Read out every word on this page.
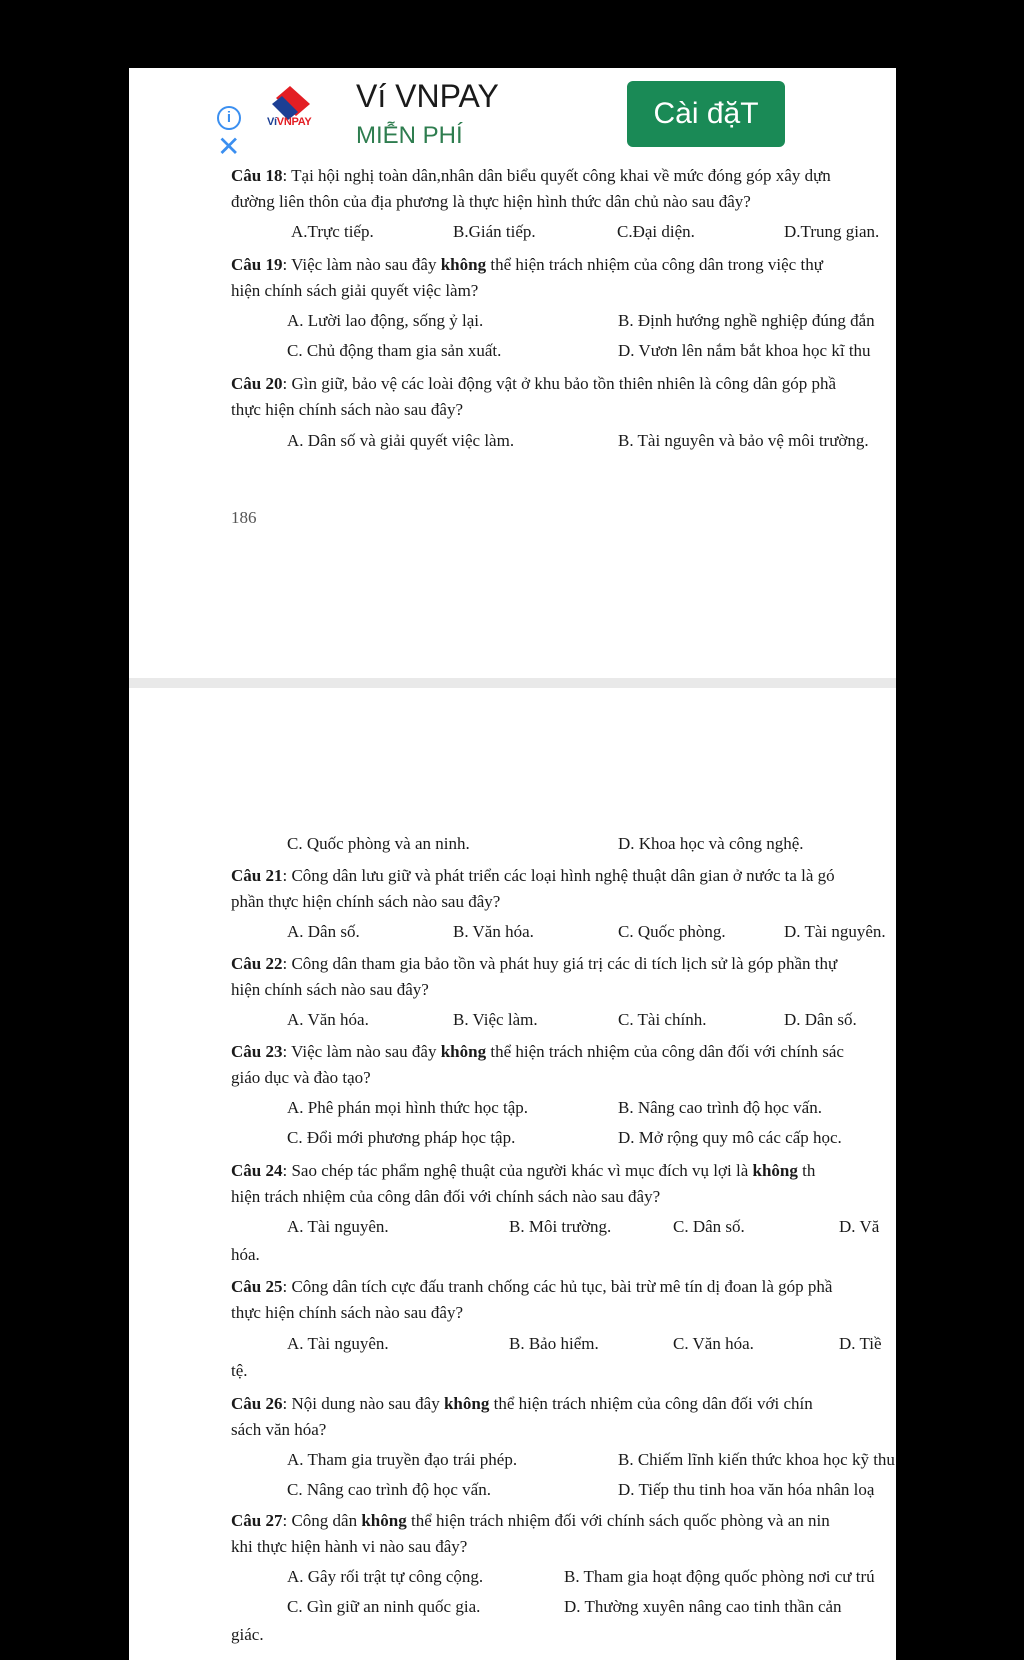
i
✕
VíVNPAY
Ví VNPAY
MIỄN PHÍ
Cài đặT
Câu 18: Tại hội nghị toàn dân,nhân dân biểu quyết công khai về mức đóng góp xây dựn
đường liên thôn của địa phương là thực hiện hình thức dân chủ nào sau đây?
A.Trực tiếp.	B.Gián tiếp.	C.Đại diện.	D.Trung gian.
Câu 19: Việc làm nào sau đây không thể hiện trách nhiệm của công dân trong việc thự
hiện chính sách giải quyết việc làm?
A. Lười lao động, sống ỷ lại.	B. Định hướng nghề nghiệp đúng đắn
C. Chủ động tham gia sản xuất.	D. Vươn lên nắm bắt khoa học kĩ thu
Câu 20: Gìn giữ, bảo vệ các loài động vật ở khu bảo tồn thiên nhiên là công dân góp phầ
thực hiện chính sách nào sau đây?
A. Dân số và giải quyết việc làm.	B. Tài nguyên và bảo vệ môi trường.
186
C. Quốc phòng và an ninh.	D. Khoa học và công nghệ.
Câu 21: Công dân lưu giữ và phát triển các loại hình nghệ thuật dân gian ở nước ta là gó
phần thực hiện chính sách nào sau đây?
A. Dân số.	B. Văn hóa.	C. Quốc phòng.	D. Tài nguyên.
Câu 22: Công dân tham gia bảo tồn và phát huy giá trị các di tích lịch sử là góp phần thự
hiện chính sách nào sau đây?
A. Văn hóa.	B. Việc làm.	C. Tài chính.	D. Dân số.
Câu 23: Việc làm nào sau đây không thể hiện trách nhiệm của công dân đối với chính sác
giáo dục và đào tạo?
A. Phê phán mọi hình thức học tập.	B. Nâng cao trình độ học vấn.
C. Đổi mới phương pháp học tập.	D. Mở rộng quy mô các cấp học.
Câu 24: Sao chép tác phẩm nghệ thuật của người khác vì mục đích vụ lợi là không th
hiện trách nhiệm của công dân đối với chính sách nào sau đây?
A. Tài nguyên.	B. Môi trường.	C. Dân số.	D. Vă
hóa.
Câu 25: Công dân tích cực đấu tranh chống các hủ tục, bài trừ mê tín dị đoan là góp phầ
thực hiện chính sách nào sau đây?
A. Tài nguyên.	B. Bảo hiểm.	C. Văn hóa.	D. Tiề
tệ.
Câu 26: Nội dung nào sau đây không thể hiện trách nhiệm của công dân đối với chín
sách văn hóa?
A. Tham gia truyền đạo trái phép.	B. Chiếm lĩnh kiến thức khoa học kỹ thu
C. Nâng cao trình độ học vấn.	D. Tiếp thu tinh hoa văn hóa nhân loạ
Câu 27: Công dân không thể hiện trách nhiệm đối với chính sách quốc phòng và an nin
khi thực hiện hành vi nào sau đây?
A. Gây rối trật tự công cộng.	B. Tham gia hoạt động quốc phòng nơi cư trú
C. Gìn giữ an ninh quốc gia.	D. Thường xuyên nâng cao tinh thần cản
giác.
